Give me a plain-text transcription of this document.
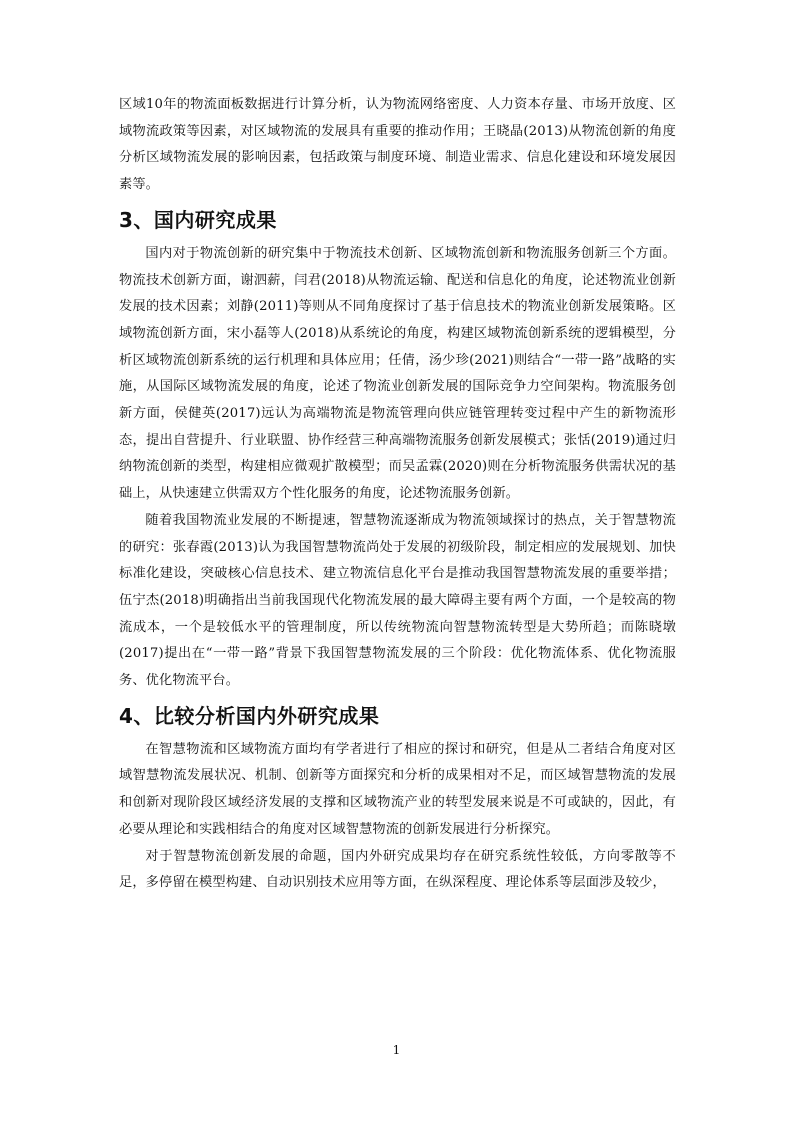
区域10年的物流面板数据进行计算分析，认为物流网络密度、人力资本存量、市场开放度、区域物流政策等因素，对区域物流的发展具有重要的推动作用；王晓晶(2013)从物流创新的角度分析区域物流发展的影响因素，包括政策与制度环境、制造业需求、信息化建设和环境发展因素等。

3、国内研究成果

国内对于物流创新的研究集中于物流技术创新、区域物流创新和物流服务创新三个方面。物流技术创新方面，谢泗薪，闫君(2018)从物流运输、配送和信息化的角度，论述物流业创新发展的技术因素；刘静(2011)等则从不同角度探讨了基于信息技术的物流业创新发展策略。区域物流创新方面，宋小磊等人(2018)从系统论的角度，构建区域物流创新系统的逻辑模型，分析区域物流创新系统的运行机理和具体应用；任倩，汤少珍(2021)则结合“一带一路”战略的实施，从国际区域物流发展的角度，论述了物流业创新发展的国际竞争力空间架构。物流服务创新方面，侯健英(2017)远认为高端物流是物流管理向供应链管理转变过程中产生的新物流形态，提出自营提升、行业联盟、协作经营三种高端物流服务创新发展模式；张恬(2019)通过归纳物流创新的类型，构建相应微观扩散模型；而吴孟霖(2020)则在分析物流服务供需状况的基础上，从快速建立供需双方个性化服务的角度，论述物流服务创新。

随着我国物流业发展的不断提速，智慧物流逐渐成为物流领域探讨的热点，关于智慧物流的研究：张春霞(2013)认为我国智慧物流尚处于发展的初级阶段，制定相应的发展规划、加快标准化建设，突破核心信息技术、建立物流信息化平台是推动我国智慧物流发展的重要举措；伍宁杰(2018)明确指出当前我国现代化物流发展的最大障碍主要有两个方面，一个是较高的物流成本，一个是较低水平的管理制度，所以传统物流向智慧物流转型是大势所趋；而陈晓墩(2017)提出在“一带一路”背景下我国智慧物流发展的三个阶段：优化物流体系、优化物流服务、优化物流平台。

4、比较分析国内外研究成果

在智慧物流和区域物流方面均有学者进行了相应的探讨和研究，但是从二者结合角度对区域智慧物流发展状况、机制、创新等方面探究和分析的成果相对不足，而区域智慧物流的发展和创新对现阶段区域经济发展的支撑和区域物流产业的转型发展来说是不可或缺的，因此，有必要从理论和实践相结合的角度对区域智慧物流的创新发展进行分析探究。

对于智慧物流创新发展的命题，国内外研究成果均存在研究系统性较低，方向零散等不足，多停留在模型构建、自动识别技术应用等方面，在纵深程度、理论体系等层面涉及较少，

1
